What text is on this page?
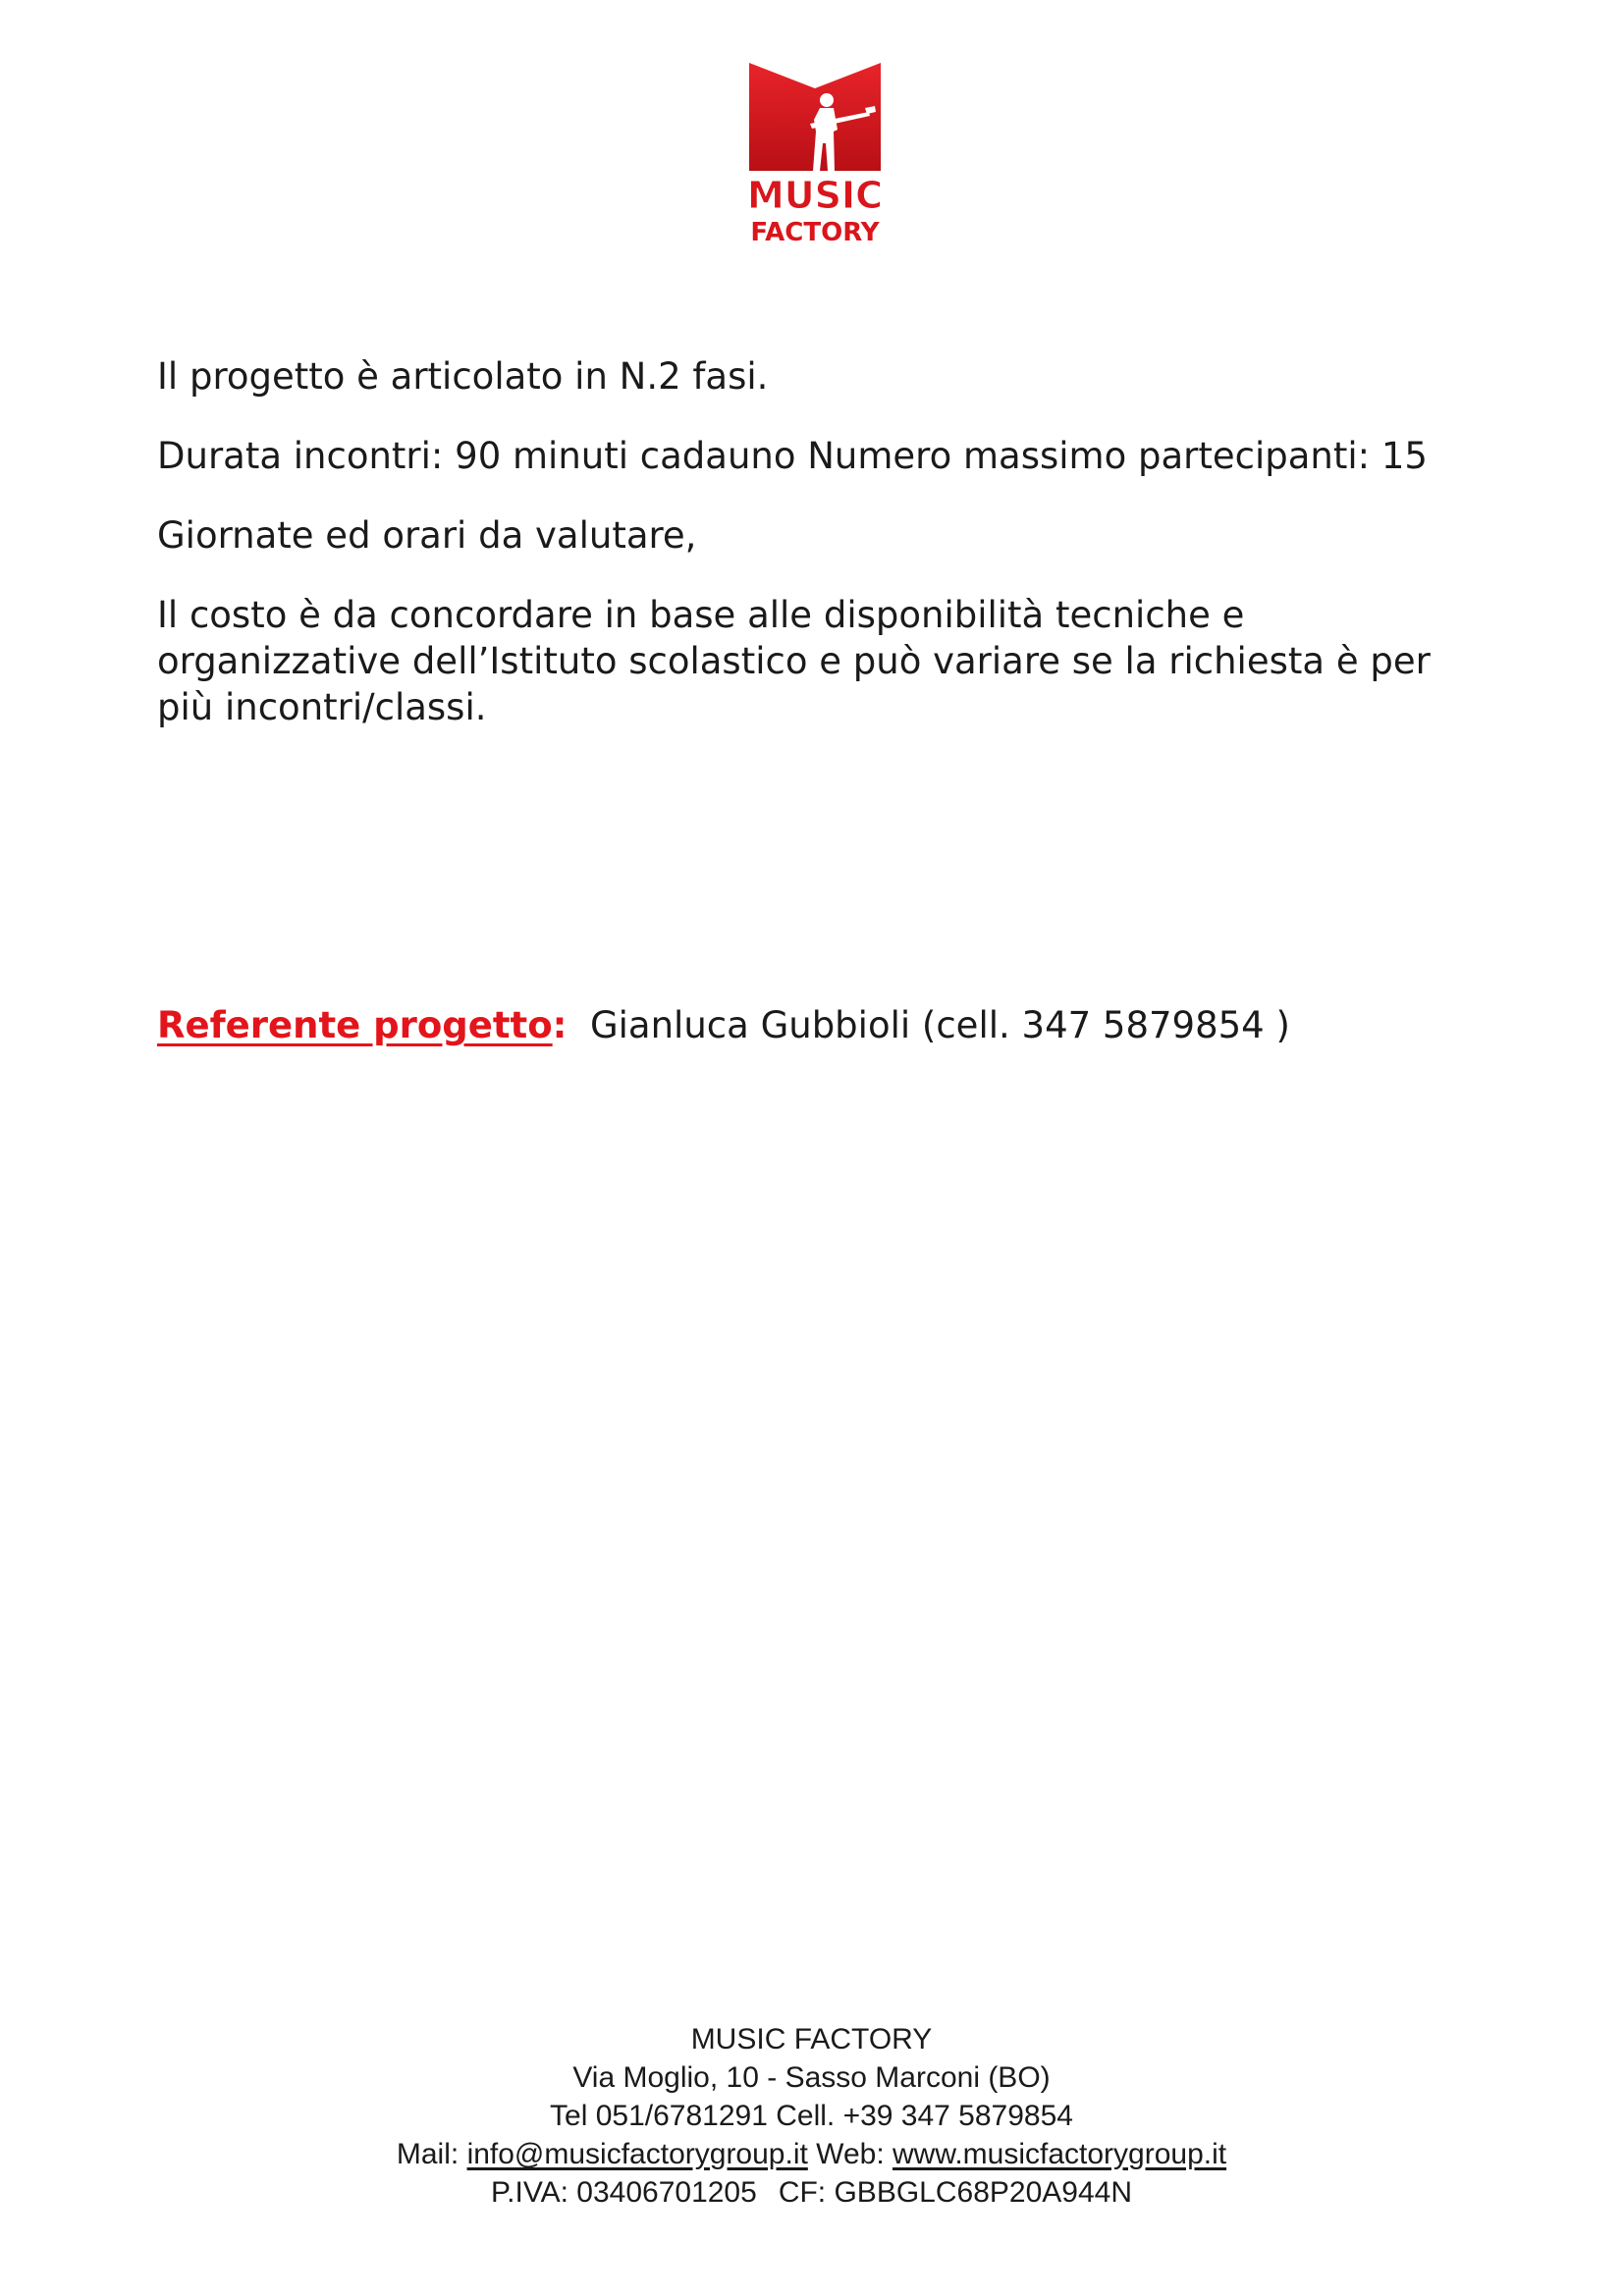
MUSIC
FACTORY

Il progetto è articolato in N.2 fasi.

Durata incontri: 90 minuti cadauno Numero massimo partecipanti: 15

Giornate ed orari da valutare,

Il costo è da concordare in base alle disponibilità tecniche e organizzative dell’Istituto scolastico e può variare se la richiesta è per più incontri/classi.

Referente progetto: Gianluca Gubbioli (cell. 347 5879854 )
MUSIC FACTORY
Via Moglio, 10 - Sasso Marconi (BO)
Tel 051/6781291 Cell. +39 347 5879854
Mail: info@musicfactorygroup.it Web: www.musicfactorygroup.it
P.IVA: 03406701205 CF: GBBGLC68P20A944N
